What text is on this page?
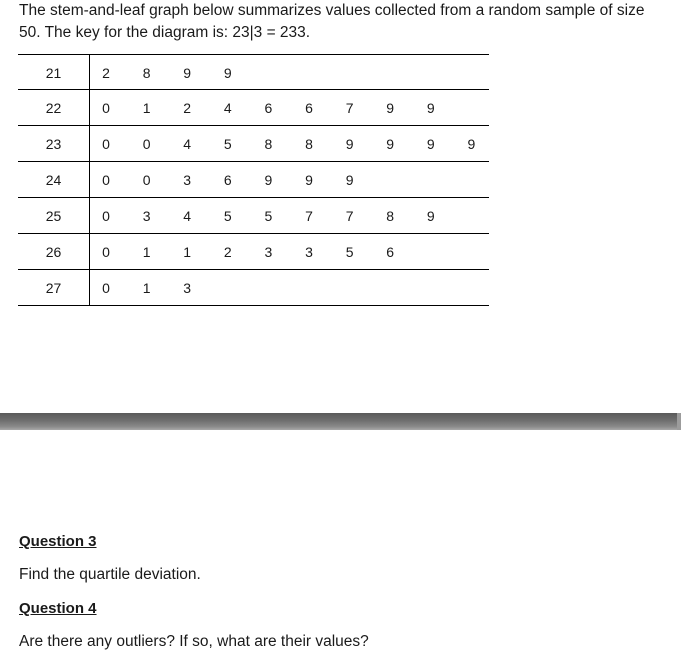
The stem-and-leaf graph below summarizes values collected from a random sample of size

50. The key for the diagram is: 23|3 = 233.

21	2	8	9	9
22	0	1	2	4	6	6	7	9	9
23	0	0	4	5	8	8	9	9	9	9
24	0	0	3	6	9	9	9
25	0	3	4	5	5	7	7	8	9
26	0	1	1	2	3	3	5	6
27	0	1	3
Question 3
Find the quartile deviation.
Question 4
Are there any outliers? If so, what are their values?
